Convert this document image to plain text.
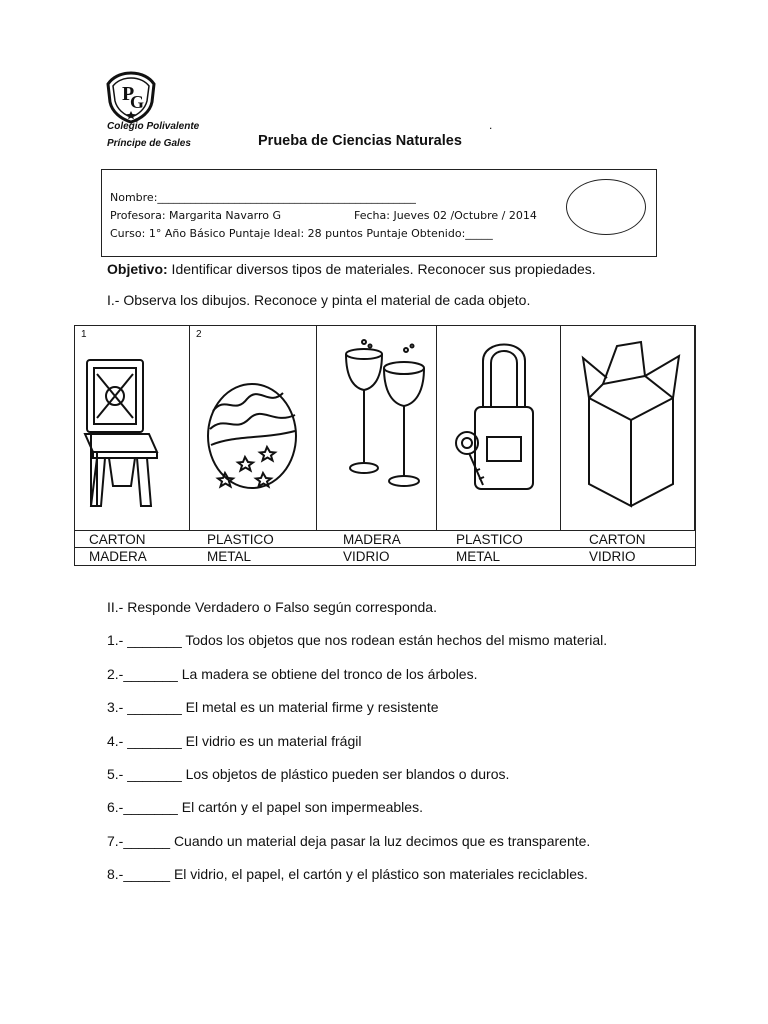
P
G
Colegio Polivalente
Príncipe de Gales	Prueba de Ciencias Naturales
.
Nombre:_______________________________________________
Profesora: Margarita Navarro G	Fecha: Jueves 02 /Octubre / 2014
Curso: 1° Año Básico Puntaje Ideal: 28 puntos Puntaje Obtenido:_____
Objetivo: Identificar diversos tipos de materiales. Reconocer sus propiedades.
I.- Observa los dibujos. Reconoce y pinta el material de cada objeto.
1	2
CARTON	PLASTICO	MADERA	PLASTICO	CARTON
MADERA	METAL	VIDRIO	METAL	VIDRIO
II.- Responde Verdadero o Falso según corresponda.
1.- _______ Todos los objetos que nos rodean están hechos del mismo material.
2.-_______ La madera se obtiene del tronco de los árboles.
3.- _______ El metal es un material firme y resistente
4.- _______ El vidrio es un material frágil
5.- _______ Los objetos de plástico pueden ser blandos o duros.
6.-_______ El cartón y el papel son impermeables.
7.-______ Cuando un material deja pasar la luz decimos que es transparente.
8.-______ El vidrio, el papel, el cartón y el plástico son materiales reciclables.
